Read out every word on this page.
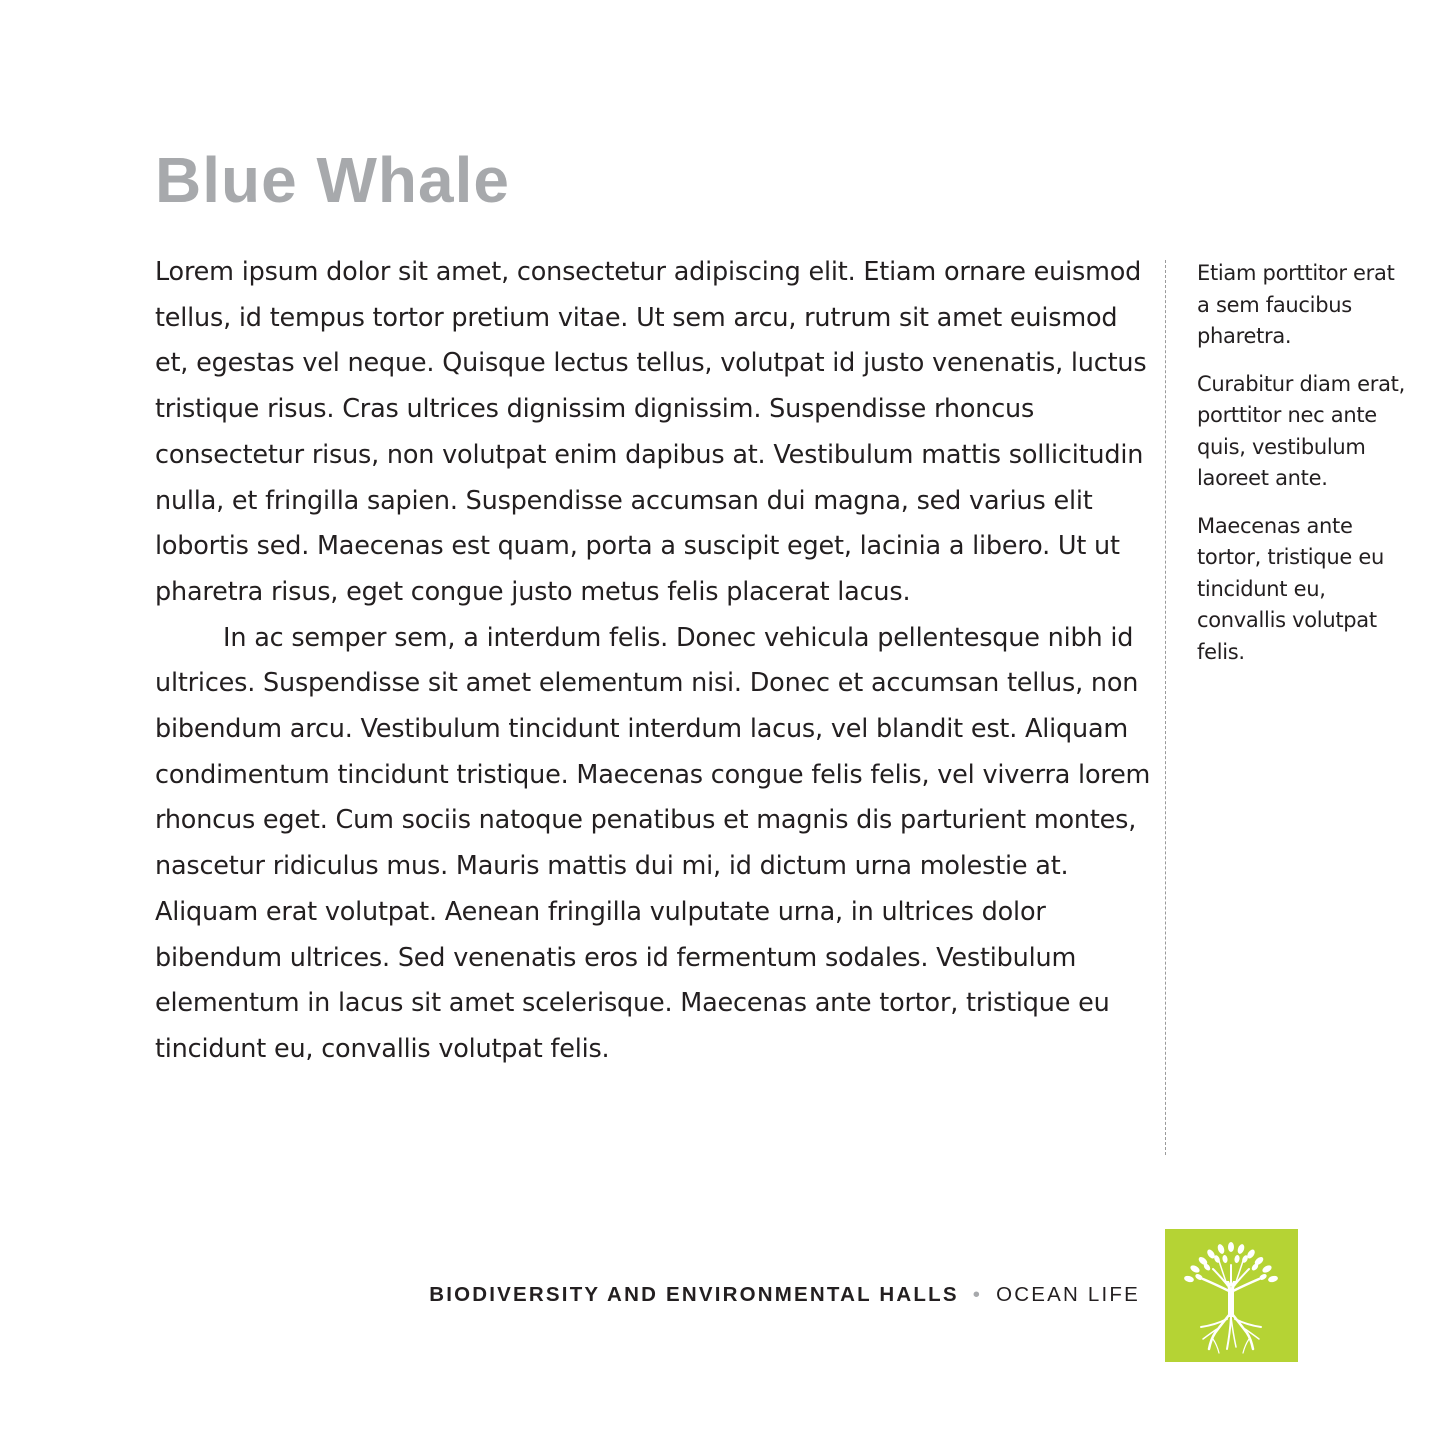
Blue Whale

Lorem ipsum dolor sit amet, consectetur adipiscing elit. Etiam ornare euismod tellus, id tempus tortor pretium vitae. Ut sem arcu, rutrum sit amet euismod et, egestas vel neque. Quisque lectus tellus, volutpat id justo venenatis, luctus tristique risus. Cras ultrices dignissim dignissim. Suspendisse rhoncus consectetur risus, non volutpat enim dapibus at. Vestibulum mattis sollicitudin nulla, et fringilla sapien. Suspendisse accumsan dui magna, sed varius elit lobortis sed. Maecenas est quam, porta a suscipit eget, lacinia a libero. Ut ut pharetra risus, eget congue justo metus felis placerat lacus.

In ac semper sem, a interdum felis. Donec vehicula pellentesque nibh id ultrices. Suspendisse sit amet elementum nisi. Donec et accumsan tellus, non bibendum arcu. Vestibulum tincidunt interdum lacus, vel blandit est. Aliquam condimentum tincidunt tristique. Maecenas congue felis felis, vel viverra lorem rhoncus eget. Cum sociis natoque penatibus et magnis dis parturient montes, nascetur ridiculus mus. Mauris mattis dui mi, id dictum urna molestie at. Aliquam erat volutpat. Aenean fringilla vulputate urna, in ultrices dolor bibendum ultrices. Sed venenatis eros id fermentum sodales. Vestibulum elementum in lacus sit amet scelerisque. Maecenas ante tortor, tristique eu tincidunt eu, convallis volutpat felis.

Etiam porttitor erat a sem faucibus pharetra.

Curabitur diam erat, porttitor nec ante quis, vestibulum laoreet ante.

Maecenas ante tortor, tristique eu tincidunt eu, convallis volutpat felis.

BIODIVERSITY AND ENVIRONMENTAL HALLS • OCEAN LIFE
